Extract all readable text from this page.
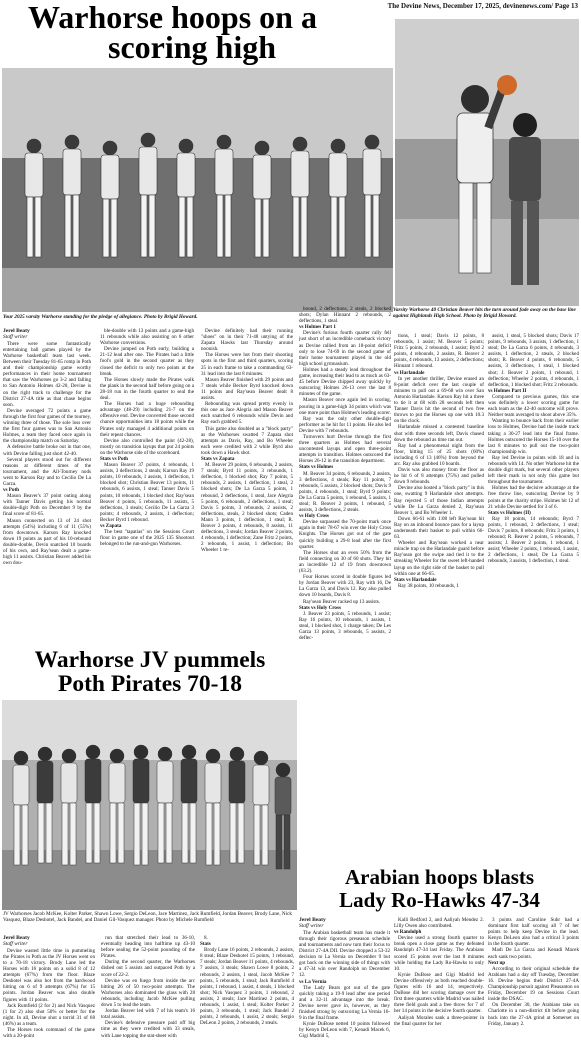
The Devine News, December 17, 2025, devinenews.com/ Page 13
Warhorse hoops on a
scoring high
Your 2025 varsity Warhorse standing for the pledge of allegiance. Photo by Brigid Howard.
Varsity Warhorse 40 Christian Beaver hits the turn around fade away on the base line against Highlands High School. Photo by Brigid Howard.

Jerel Beaty

Staff writer

There were some fantastically entertaining ball games played by the Warhorse basketball team last week. Between their Tuesday 81-65 romp in Poth and their championship game worthy performances in their home tournament that saw the Warhorses go 3-2 and falling to San Antonio Holmes 42-20, Devine is on the right track to challenge for the District 27-4A title as that chase begins soon.

Devine averaged 72 points a game through the first four games of the tourney, winning three of those. The sole loss over the first four games was to San Antonio Holmes, a team they faced once again in the championship match on Saturday.

A defensive battle broke out in that one, with Devine falling just short 42-40.

Several players stood out for different reasons at different times of the tournament, and the All-Tourney nods went to Karson Ray and to Cecilio De La Garza.

vs Poth

Mason Beaver's 37 point outing along with Tanner Davis getting his normal double-digit Poth on December 9 by the final score of 81-65.

Mason connected on 13 of 24 shot attempts (54%) including 6 of 11 (55%) from downtown. Karson Ray knocked down 19 points as part of his 10-rebound double-double, Devin snatched 10 boards of his own, and Ray'sean dealt a game-high 11 assists. Christian Beaver added his own dou-

ble-double with 13 points and a game-high 11 rebounds while also assisting on 6 other Warhorse conversions.

Devine jumped on Poth early, building a 21-12 lead after one. The Pirates had a little fool's gold in the second quarter as they closed the deficit to only two points at the break.

The Horses slowly made the Pirates walk the plank in the second half before going on a 28-18 run in the fourth quarter to seal the deal.

The Horses had a huge rebounding advantage (48-29) including 21-7 on the offensive end. Devine converted those second chance opportunities into 18 points while the Pirates only managed 4 additional points on their repeat chances.

Devine also controlled the paint (42-28), mostly on transition layups that put 24 points on the Warhorse side of the scoreboard.

Stats vs Poth

Mason Beaver 37 points, 4 rebounds, 1 assists, 3 deflections, 2 steals; Karson Ray 19 points, 10 rebounds, 1 assists, 1 deflection, 1 blocked shot; Christian Beaver 13 points, 11 rebounds, 6 assists, 1 steal; Tanner Davis 5 points, 10 rebounds, 1 blocked shot; Ray'sean Beaver 4 points, 5 rebounds, 11 assists, 5 deflections, 3 steals; Cecilio De La Garza 3 points; 4 rebounds, 2 assists, 1 deflection; Becker Byrd 1 rebound.

vs Zapata

The best "tapatias" on the Sessions Court floor in game one of the 2025 135 Shootout belonged to the run-and-gun Warhorses.

Devine definitely had their running "shoes" on in their 71-48 untying of the Zapata Hawks last Thursday around noonish.

The Horses were hot from their shooting spots in the first and third quarters, scoring 25 in each frame to take a commanding 63-31 lead into the last 8 minutes.

Mason Beaver finished with 29 points and 7 steals while Becker Byrd knocked down 11 points and Ray'sean Beaver dealt 8 assists.

Rebounding was spread pretty evenly in this one as Jace Alegria and Mason Beaver each snatched 6 rebounds while Devin and Ray each grabbed 5.

This game also doubled as a "block party" as the Warhorses swatted 7 Zapata shot attempts as Davis, Ray, and Bo Wheeler each were credited with 2 while Byrd also took down a Hawk shot.

Stats vs Zapata

M. Beaver 29 points, 6 rebounds, 2 assists, 7 steals; Byrd 11 points, 3 rebounds, 1 deflection, 1 blocked shot; Ray 7 points, 5 rebounds, 2 assists, 1 deflection, 1 steal, 2 blocked shots; De La Garza 5 points, 1 rebound, 2 deflections, 1 steal, Jace Alegria 5 points, 6 rebounds, 2 deflections, 1 steal; Davis 5 points, 3 rebounds, 2 assists, 2 deflections, steals, 2 blocked shots; Caden Mann 3 points, 1 deflection, 1 steal; R. Beaver 2 points, 4 rebounds, 8 assists, 11 deflections, 3 steals; Jordan Beaver 2 points, 4 rebounds, 1 deflection; Zane Fritz 2 points, 2 rebounds, 1 assist, 1 deflection; Bo Wheeler 1 re-

bound, 2 deflections, 2 steals, 2 blocked shots; Dylan Hinnant 2 rebounds, 2 deflections, 1 steal.

vs Holmes Part 1

Devine's furious fourth quarter rally fell just short of an incredible comeback victory as Devine rallied from an 18-point deficit only to lose 74-69 in the second game of their home tournament played in the old high school gymnasium.

Holmes had a steady lead throughout the game, increasing their lead to as much as 63-45 before Devine chipped away quickly by outscoring Holmes 26-13 over the last 8 minutes of the game.

Mason Beaver once again led in scoring, pouring in a game-high 34 points which was one more point than Holmes's leading scorer.

Ray was the only other double-digit performer as he hit for 11 points. He also led Devine with 7 rebounds.

Turnovers hurt Devine through the first three quarters as Holmes had several uncontested layups and open three-point attempts in transition. Holmes outscored the Horses 26-12 in the transition department.

Stats vs Holmes

M. Beaver 34 points, 6 rebounds, 2 assists, 3 deflections, 4 steals; Ray 11 points, 7 rebounds, 5 assists, 2 blocked shots; Davis 9 points, 4 rebounds, 1 steal; Byrd 9 points; De La Garza 5 points, 1 rebound, 5 assists, 1 steal; R. Beaver 2 points, 1 rebound, 5 assists, 3 deflections, 2 steals.

vs Holy Cross

Devine surpassed the 70-point mark once again in their 78-67 win over the Holy Cross Knights. The Horses got out of the gate quickly building a 29-8 lead after the first quarter.

The Horses shot an even 50% from the field connecting on 30 of 60 shots. They hit an incredible 12 of 19 from downtown (63.2).

Four Horses scored in double figures led by Jordan Beaver with 23, Ray with 16, De La Garza 13, and Davis 12. Ray also pulled down 10 boards, Davis 8.

Ray'sean Beaver racked up 13 assists.

Stats vs Holy Cross

J. Beaver 23 points, 5 rebounds, 1 assist; Ray 16 points, 10 rebounds, 1 assists, 1 steal, 1 blocked shot, 1 charge taken; De Les Garza 13 points, 3 rebounds, 5 assists, 2 deflec-

tions, 1 steal; Davis 12 points, 8 rebounds, 1 assist; M. Beaver 5 points; Fritz 5 points, 2 rebounds, 1 assist; Byrd 2 points, 4 rebounds, 2 assists, R. Beaver 2 points, 4 rebounds, 13 assists, 2 deflections; Hinnant 1 rebound.

vs Harlandale

In yet another thriller, Devine erased an 8-point deficit over the last couple of minutes to pull out a 69-68 win over San Antonio Harlandale. Karson Ray hit a three to tie it at 68 with 28 seconds left then Tanner Davis hit the second of two free throws to put the Horses up one with 10.3 on the clock.

Harlandale missed a contested baseline shot with three seconds left, Davis chased down the rebound as time ran out.

Ray had a phenomenal night from the floor, hitting 15 of 25 shots (60%) including 6 of 13 (46%) from beyond the arc. Ray also grabbed 10 boards.

Davis was also money from the floor as he hit 6 of 8 attempts (75%) and pulled down 9 rebounds.

Devine also hosted a "block party" in this one, swatting 9 Harlandale shot attempts. Ray rejected 5 of those Indian attempts while De La Garza denied 2, Ray'sean Beaver 1, and Bo Wheeler 1.

Down 66-61 with 1:08 left Ray'sean hit Ray on an inbound bounce pass for a layup underneath their basket to pull within 66-63.

Wheeler and Ray'sean worked a near miracle trap on the Harlandale guard before Ray'sean got the swipe and tied it to the streaking Wheeler for the sweet left-handed layup on the right side of the basket to pull within one at 66-65.

Stats vs Harlandale

Ray 38 points, 10 rebounds, 1

assist, 1 steal, 5 blocked shots; Davis 17 points, 9 rebounds, 3 assists, 1 deflection, 1 steal; De La Garza 6 points, 4 rebounds, 3 assists, 1 deflection, 2 steals, 2 blocked shots; R. Beaver 4 points, 6 rebounds, 5 assists, 3 deflections, 1 steal, 1 blocked shot; J. Beaver 2 points, 1 rebound, 1 deflection; Wheeler 2 points, 4 rebounds, 1 deflection, 1 blocked shot; Fritz 2 rebounds.

vs Holmes Part II

Compared to previous games, this one was definitely a lower scoring game for each team as the 42-40 outcome will prove. Neither team averaged to shoot above 35%.

Wanting to bounce back from their earlier loss to Holmes, Devine had the inside track taking a 30-27 lead into the final frame. Holmes outscored the Horses 15-10 over the last 8 minutes to pull out the two-point championship win.

Ray led Devine in points with 18 and in rebounds with 14. No other Warhorse hit the double digit mark, but several other players left their mark in not only this game but throughout the tournament.

Holmes had the decisive advantage at the free throw line, outscoring Devine by 9 points at the charity stripe. Holmes hit 12 of 21 while Devine settled for 3 of 6.

Stats vs Holmes (II)

Ray 18 points, 14 rebounds; Byrd 7 points, 1 rebound, 2 deflections, 1 steal; Davis 7 points, 8 rebounds; Fritz 3 points, 1 rebound; R. Beaver 2 points, 5 rebounds, 7 assists; J. Beaver 2 points, 1 rebound, 1 assist; Wheeler 2 points, 1 rebound, 1 assist, 2 deflections, 1 steal; De La Garza 5 rebounds, 3 assists, 1 deflection, 1 steal.

Warhorse JV pummels
Poth Pirates 70-18
JV Warhorses Jacob McKee, Kolter Parker, Shawn Lowe, Sergio DeLeon, Jace Martinez, Jack Rumfield, Jordan Beaver, Brody Lane, Nick Vasquez, Blaze Deshotel, Jack Bandel, and Daniel Gil-Vasquez manager. Photo by Michele Rumfield

Jerel Beaty

Staff writer

Devine wasted little time in pummeling the Pirates in Poth as the JV Horses went on to a 70-18 victory. Brody Lane led the Horses with 16 points on a solid 8 of 12 attempts (67%) from the floor. Blaze Deshotel was also hot from the hardwood hitting on 6 of 9 attempts (67%) for 15 points. Jordan Beaver was also double figures with 11 points.

Jack Rumfield (2 for 2) and Nick Vasquez (1 for 2) also shot 50% or better for the night. In all, Devine shot a torrid 31 of 68 (46%) as a team.

The Horses took command of the game with a 20-point

run that stretched their lead to 36-10, eventually heading into halftime up 43-10 before sealing the 52-point pounding of the Pirates.

During the second quarter, the Warhorses dished out 5 assists and outpaced Poth by a score of 22-2.

Devine was en fuego from inside the arc hitting 26 of 50 two-point attempts. The Warhorses also dominated the glass with 28 rebounds, including Jacob McKee pulling down 5 to lead the team.

Jordan Beaver led with 7 of his team's 16 total assists.

Devine's defensive pressure paid off big time as they were credited with 33 steals, with Lane topping the stat-sheet with

8.

Stats

Brody Lane 16 points, 2 rebounds, 2 assists, 8 steal; Blaze Deshotel 15 points, 1 rebound, 7 steals; Jordan Beaver 11 points, 4 rebounds, 7 assists, 3 steals; Shawn Lowe 8 points, 2 rebounds, 2 assists, 1 steal, Jacob McKee 7 points, 5 rebounds, 1 steal; Jack Rumfield 4 points, 1 rebound, 1 assist, 4 steals, 1 blocked shot; Nick Vasquez 3 points, 1 rebound, 2 assists, 2 steals; Jace Martinez 2 points, 4 rebounds, 1 assist, 1 steal; Kolter Parker 2 points, 3 rebounds, 1 steal; Jack Bandel 2 points, 2 rebounds, 1 assist, 2 steals; Sergio DeLeon 2 points, 2 rebounds, 2 steals.

Arabian hoops blasts
Lady Ro-Hawks 47-34

Jerel Beaty

Staff writer

The Arabian basketball team has made it through their rigorous preseason schedule and tournaments and now turn their focus to District 27-4A DII. Devine dropped a 53-32 decision to La Vernia on December 9 but got back on the winning side of things with a 47-34 win over Randolph on December 12.

vs La Vernia

The Lady Bears got out of the gate quickly taking a 19-9 lead after one period and a 32-11 advantage into the break. Devine never gave in, however, as they finished strong by outscoring La Vernia 16-9 in the final frame.

Kynie DuBose netted 10 points followed by Kenyn DeLeon with 7, Kenadi Macek 6, Gigi Madrid 5,

Kalli Bedford 2, and Aaliyah Mendez 2. Lilly Owen also contributed.

vs Randolph

Devine used a strong fourth quarter to break open a close game as they defeated Randolph 47-34 last Friday. The Arabians scored 15 points over the last 8 minutes while holding the Lady Ro-Hawks to only 10.

Kynie DuBose and Gigi Madrid led Devine offensively as both reached double-figures with 16 and 14, respectively. DuBose did her scoring damage over the first three quarters while Madrid was nailed three field goals and a free throw for 7 of her 14 points in the decisive fourth quarter.

Aaliyah Morales sank a three-pointer in the final quarter for her

3 points and Caroline Suhr had a dominant first half scoring all 7 of her points to help keep Devine in the lead. Kenyn DeLeon also had a critical 3 points in the fourth quarter.

Madi De La Garza and Kenadi Macek each sank two points.

Next up

According to their original schedule the Arabians had a day off Tuesday, December 16. Devine begins their District 27-4A Championship pursuit against Pleasanton on Friday, December 19 on Sessions Court inside the DSAC.

On December 30, the Arabians take on Charlotte in a non-district tilt before going back into the 27-4A grind at Somerset on Friday, January 2.
